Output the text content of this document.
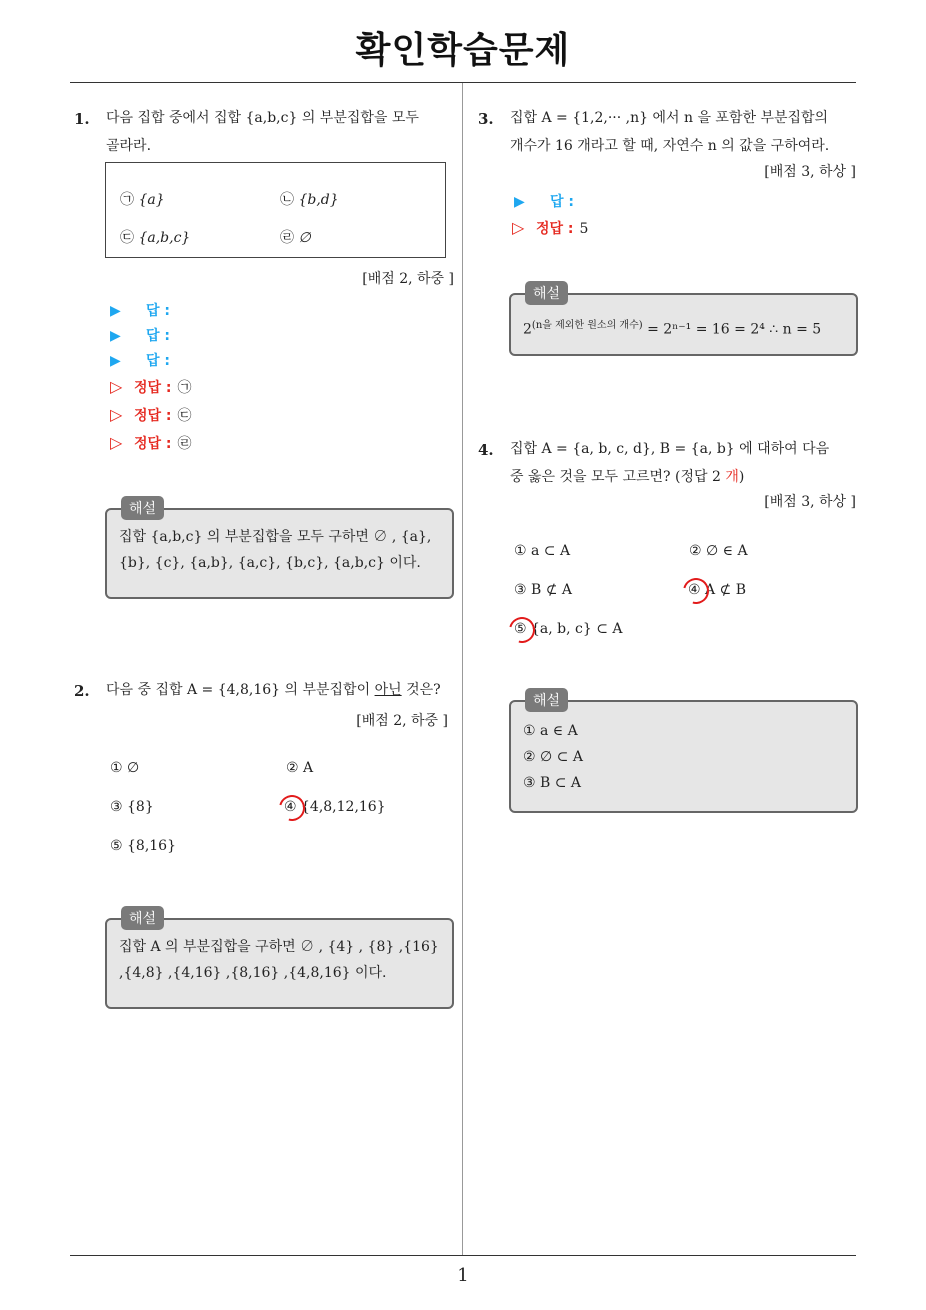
확인학습문제
1. 다음 집합 중에서 집합 {a,b,c} 의 부분집합을 모두
골라라.
㉠ {a}	㉡ {b,d}
㉢ {a,b,c}	㉣ ∅
[배점 2, 하중 ]
▶ 답 :
▶ 답 :
▶ 답 :
▷ 정답 : ㉠
▷ 정답 : ㉢
▷ 정답 : ㉣
해설
집합 {a,b,c} 의 부분집합을 모두 구하면 ∅ , {a},
{b}, {c}, {a,b}, {a,c}, {b,c}, {a,b,c} 이다.
2. 다음 중 집합 A = {4,8,16} 의 부분집합이 아닌 것은?
[배점 2, 하중 ]
① ∅	② A
③ {8}	④ {4,8,12,16}
⑤ {8,16}
해설
집합 A 의 부분집합을 구하면 ∅ , {4} , {8} ,{16}
,{4,8} ,{4,16} ,{8,16} ,{4,8,16} 이다.
3. 집합 A = {1,2,··· ,n} 에서 n 을 포함한 부분집합의
개수가 16 개라고 할 때, 자연수 n 의 값을 구하여라.
[배점 3, 하상 ]
▶ 답 :
▷ 정답 : 5
해설
$2^{(n을 제외한 원소의 개수)} = 2^{n-1} = 16 = 2^4$ ∴ n = 5
4. 집합 A = {a, b, c, d}, B = {a, b} 에 대하여 다음
중 옳은 것을 모두 고르면? (정답 2 개)
[배점 3, 하상 ]
① a ⊂ A	② ∅ ∈ A
③ B ⊄ A	④ A ⊄ B
⑤ {a, b, c} ⊂ A
해설
① a ∈ A
② ∅ ⊂ A
③ B ⊂ A
1
